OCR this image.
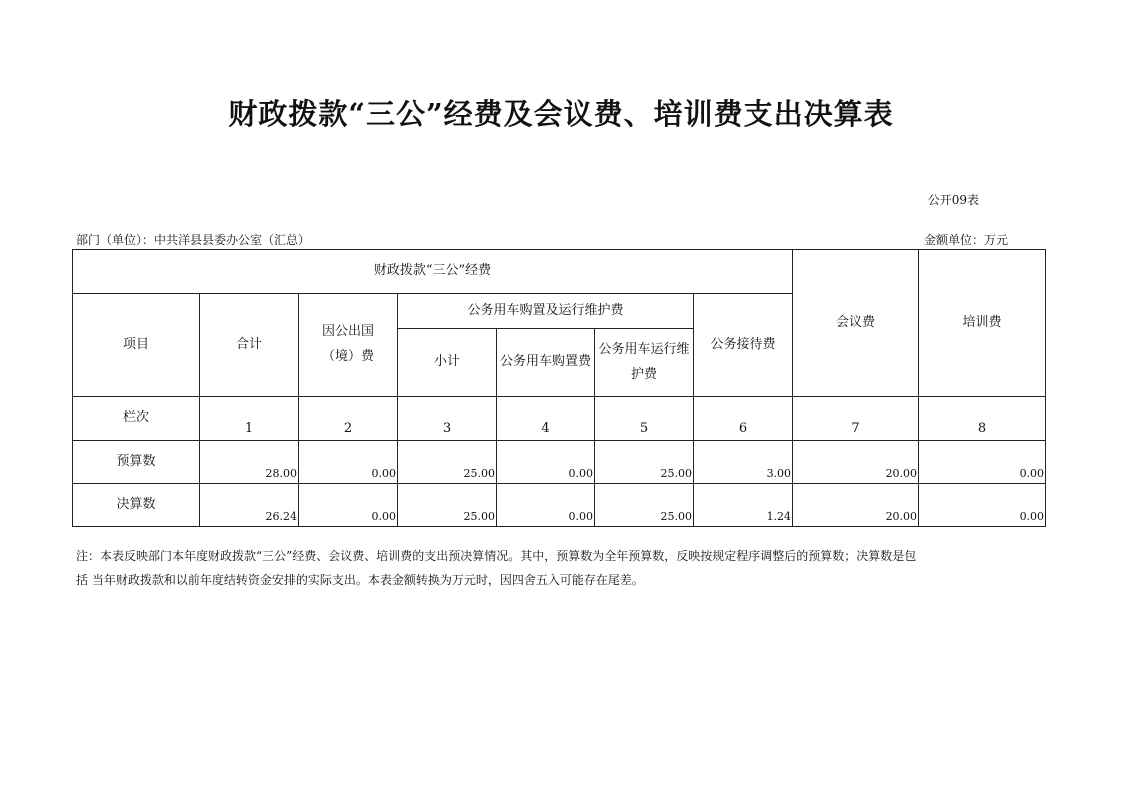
财政拨款“三公”经费及会议费、培训费支出决算表
公开09表
部门（单位）：中共洋县县委办公室（汇总）	金额单位：万元
财政拨款“三公”经费							会议费	培训费
项目	合计	因公出国（境）费	公务用车购置及运行维护费			公务接待费		
			小计	公务用车购置费	公务用车运行维护费			
栏次	1	2	3	4	5	6	7	8
预算数	28.00	0.00	25.00	0.00	25.00	3.00	20.00	0.00
决算数	26.24	0.00	25.00	0.00	25.00	1.24	20.00	0.00

注：本表反映部门本年度财政拨款“三公”经费、会议费、培训费的支出预决算情况。其中，预算数为全年预算数，反映按规定程序调整后的预算数；决算数是包

括 当年财政拨款和以前年度结转资金安排的实际支出。本表金额转换为万元时，因四舍五入可能存在尾差。
